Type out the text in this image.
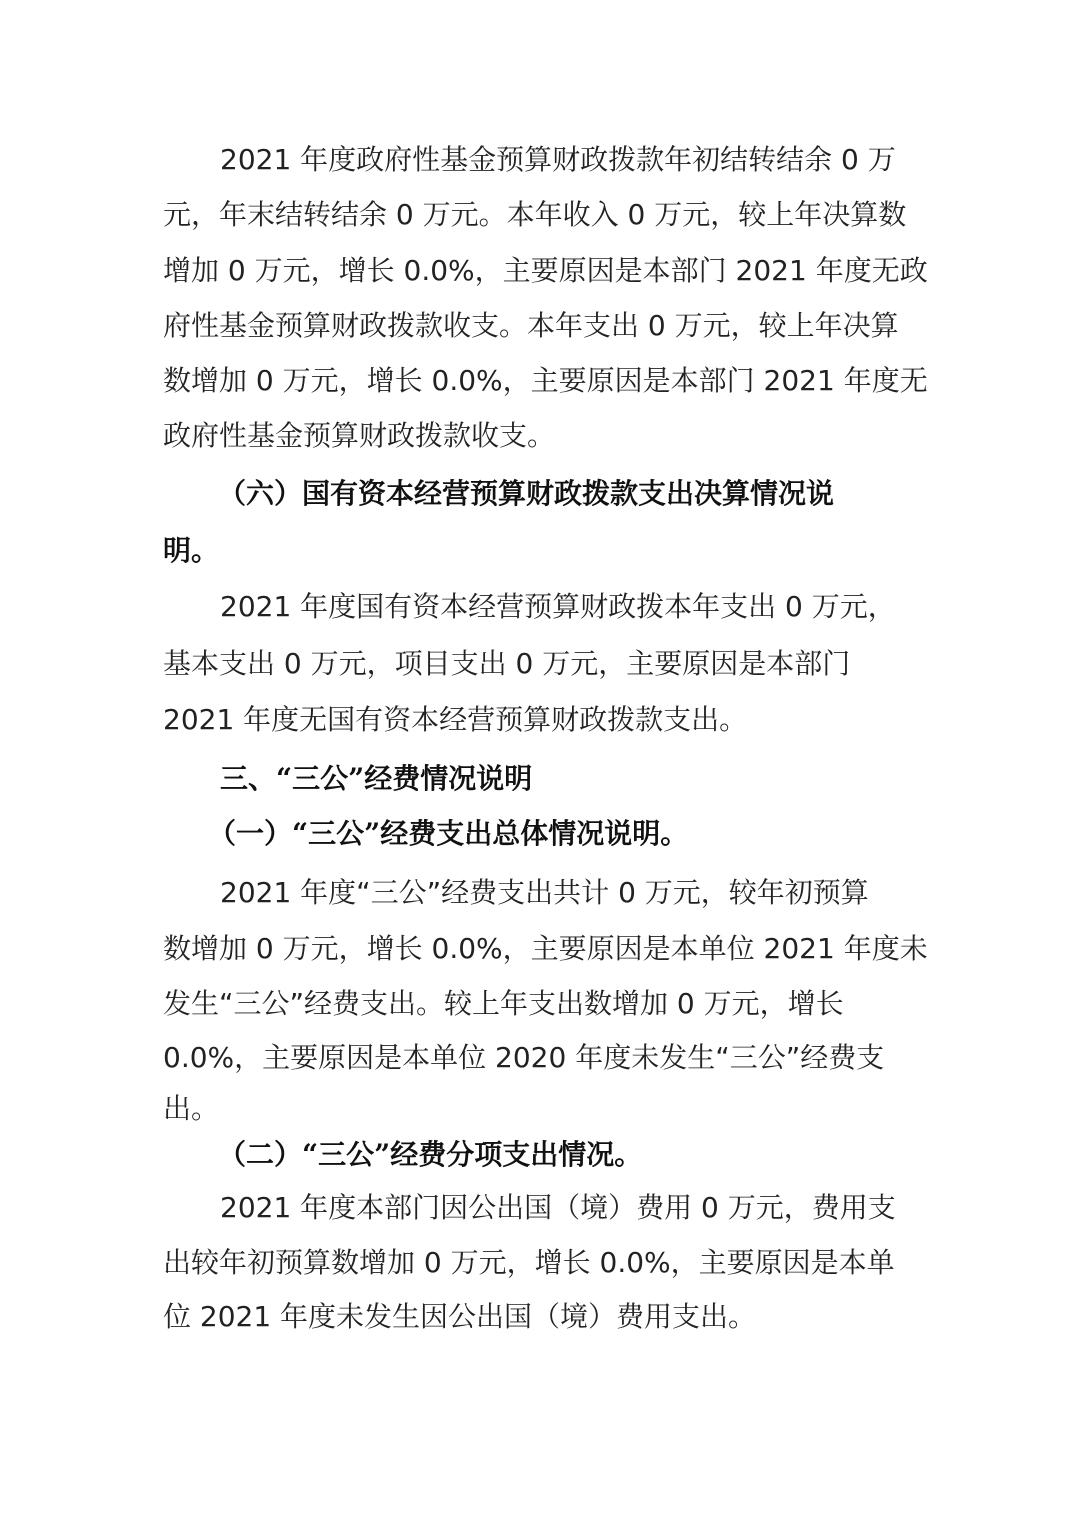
2021 年度政府性基金预算财政拨款年初结转结余 0 万
元，年末结转结余 0 万元。本年收入 0 万元，较上年决算数
增加 0 万元，增长 0.0%，主要原因是本部门 2021 年度无政
府性基金预算财政拨款收支。本年支出 0 万元，较上年决算
数增加 0 万元，增长 0.0%，主要原因是本部门 2021 年度无
政府性基金预算财政拨款收支。
（六）国有资本经营预算财政拨款支出决算情况说
明。
2021 年度国有资本经营预算财政拨本年支出 0 万元，
基本支出 0 万元，项目支出 0 万元，主要原因是本部门
2021 年度无国有资本经营预算财政拨款支出。
三、“三公”经费情况说明
（一）“三公”经费支出总体情况说明。
2021 年度“三公”经费支出共计 0 万元，较年初预算
数增加 0 万元，增长 0.0%，主要原因是本单位 2021 年度未
发生“三公”经费支出。较上年支出数增加 0 万元，增长
0.0%，主要原因是本单位 2020 年度未发生“三公”经费支
出。
（二）“三公”经费分项支出情况。
2021 年度本部门因公出国（境）费用 0 万元，费用支
出较年初预算数增加 0 万元，增长 0.0%，主要原因是本单
位 2021 年度未发生因公出国（境）费用支出。
